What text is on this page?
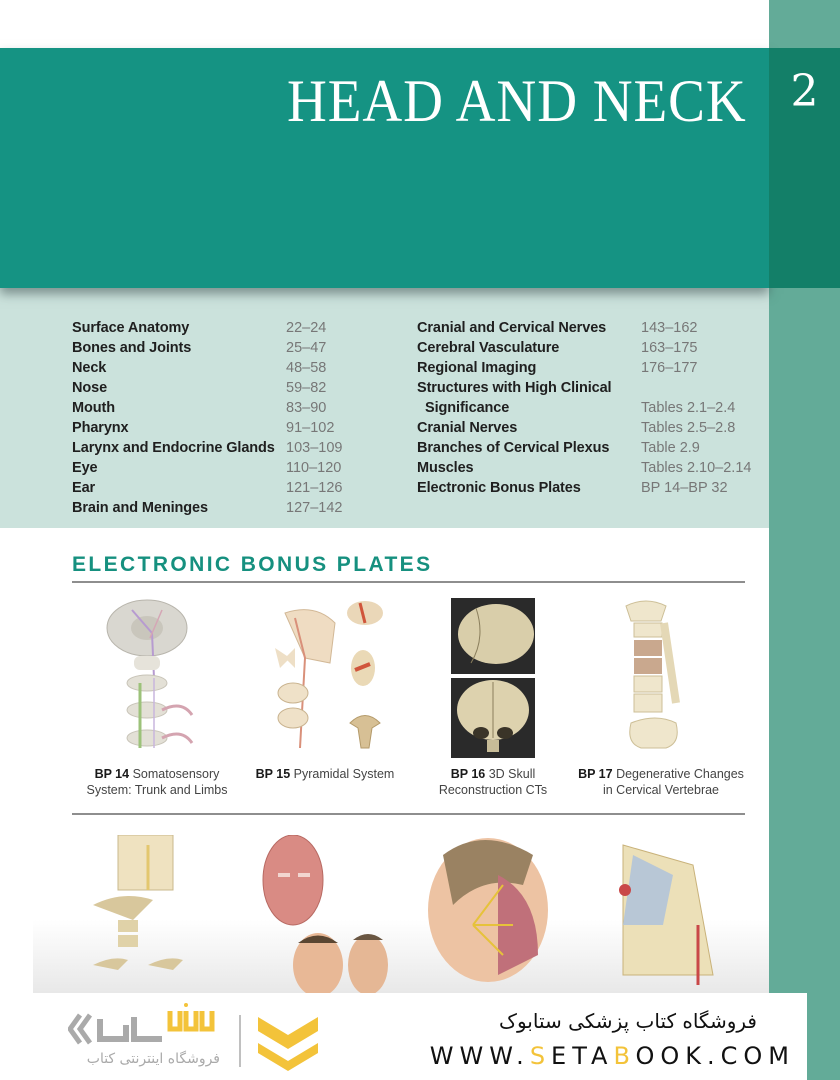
2
HEAD AND NECK
Surface Anatomy	22–24
Bones and Joints	25–47
Neck	48–58
Nose	59–82
Mouth	83–90
Pharynx	91–102
Larynx and Endocrine Glands 103–109
Eye	110–120
Ear	121–126
Brain and Meninges	127–142
Cranial and Cervical Nerves	143–162
Cerebral Vasculature	163–175
Regional Imaging	176–177
Structures with High Clinical
Significance	Tables 2.1–2.4
Cranial Nerves	Tables 2.5–2.8
Branches of Cervical Plexus	Table 2.9
Muscles	Tables 2.10–2.14
Electronic Bonus Plates	BP 14–BP 32
ELECTRONIC BONUS PLATES
BP 14 Somatosensory
System: Trunk and Limbs
BP 15 Pyramidal System	BP 16 3D Skull
Reconstruction CTs
BP 17 Degenerative Changes
in Cervical Vertebrae
فروشگاه اینترنتی کتاب
فروشگاه کتاب پزشکی ستابوک
WWW.SETABOOK.COM
